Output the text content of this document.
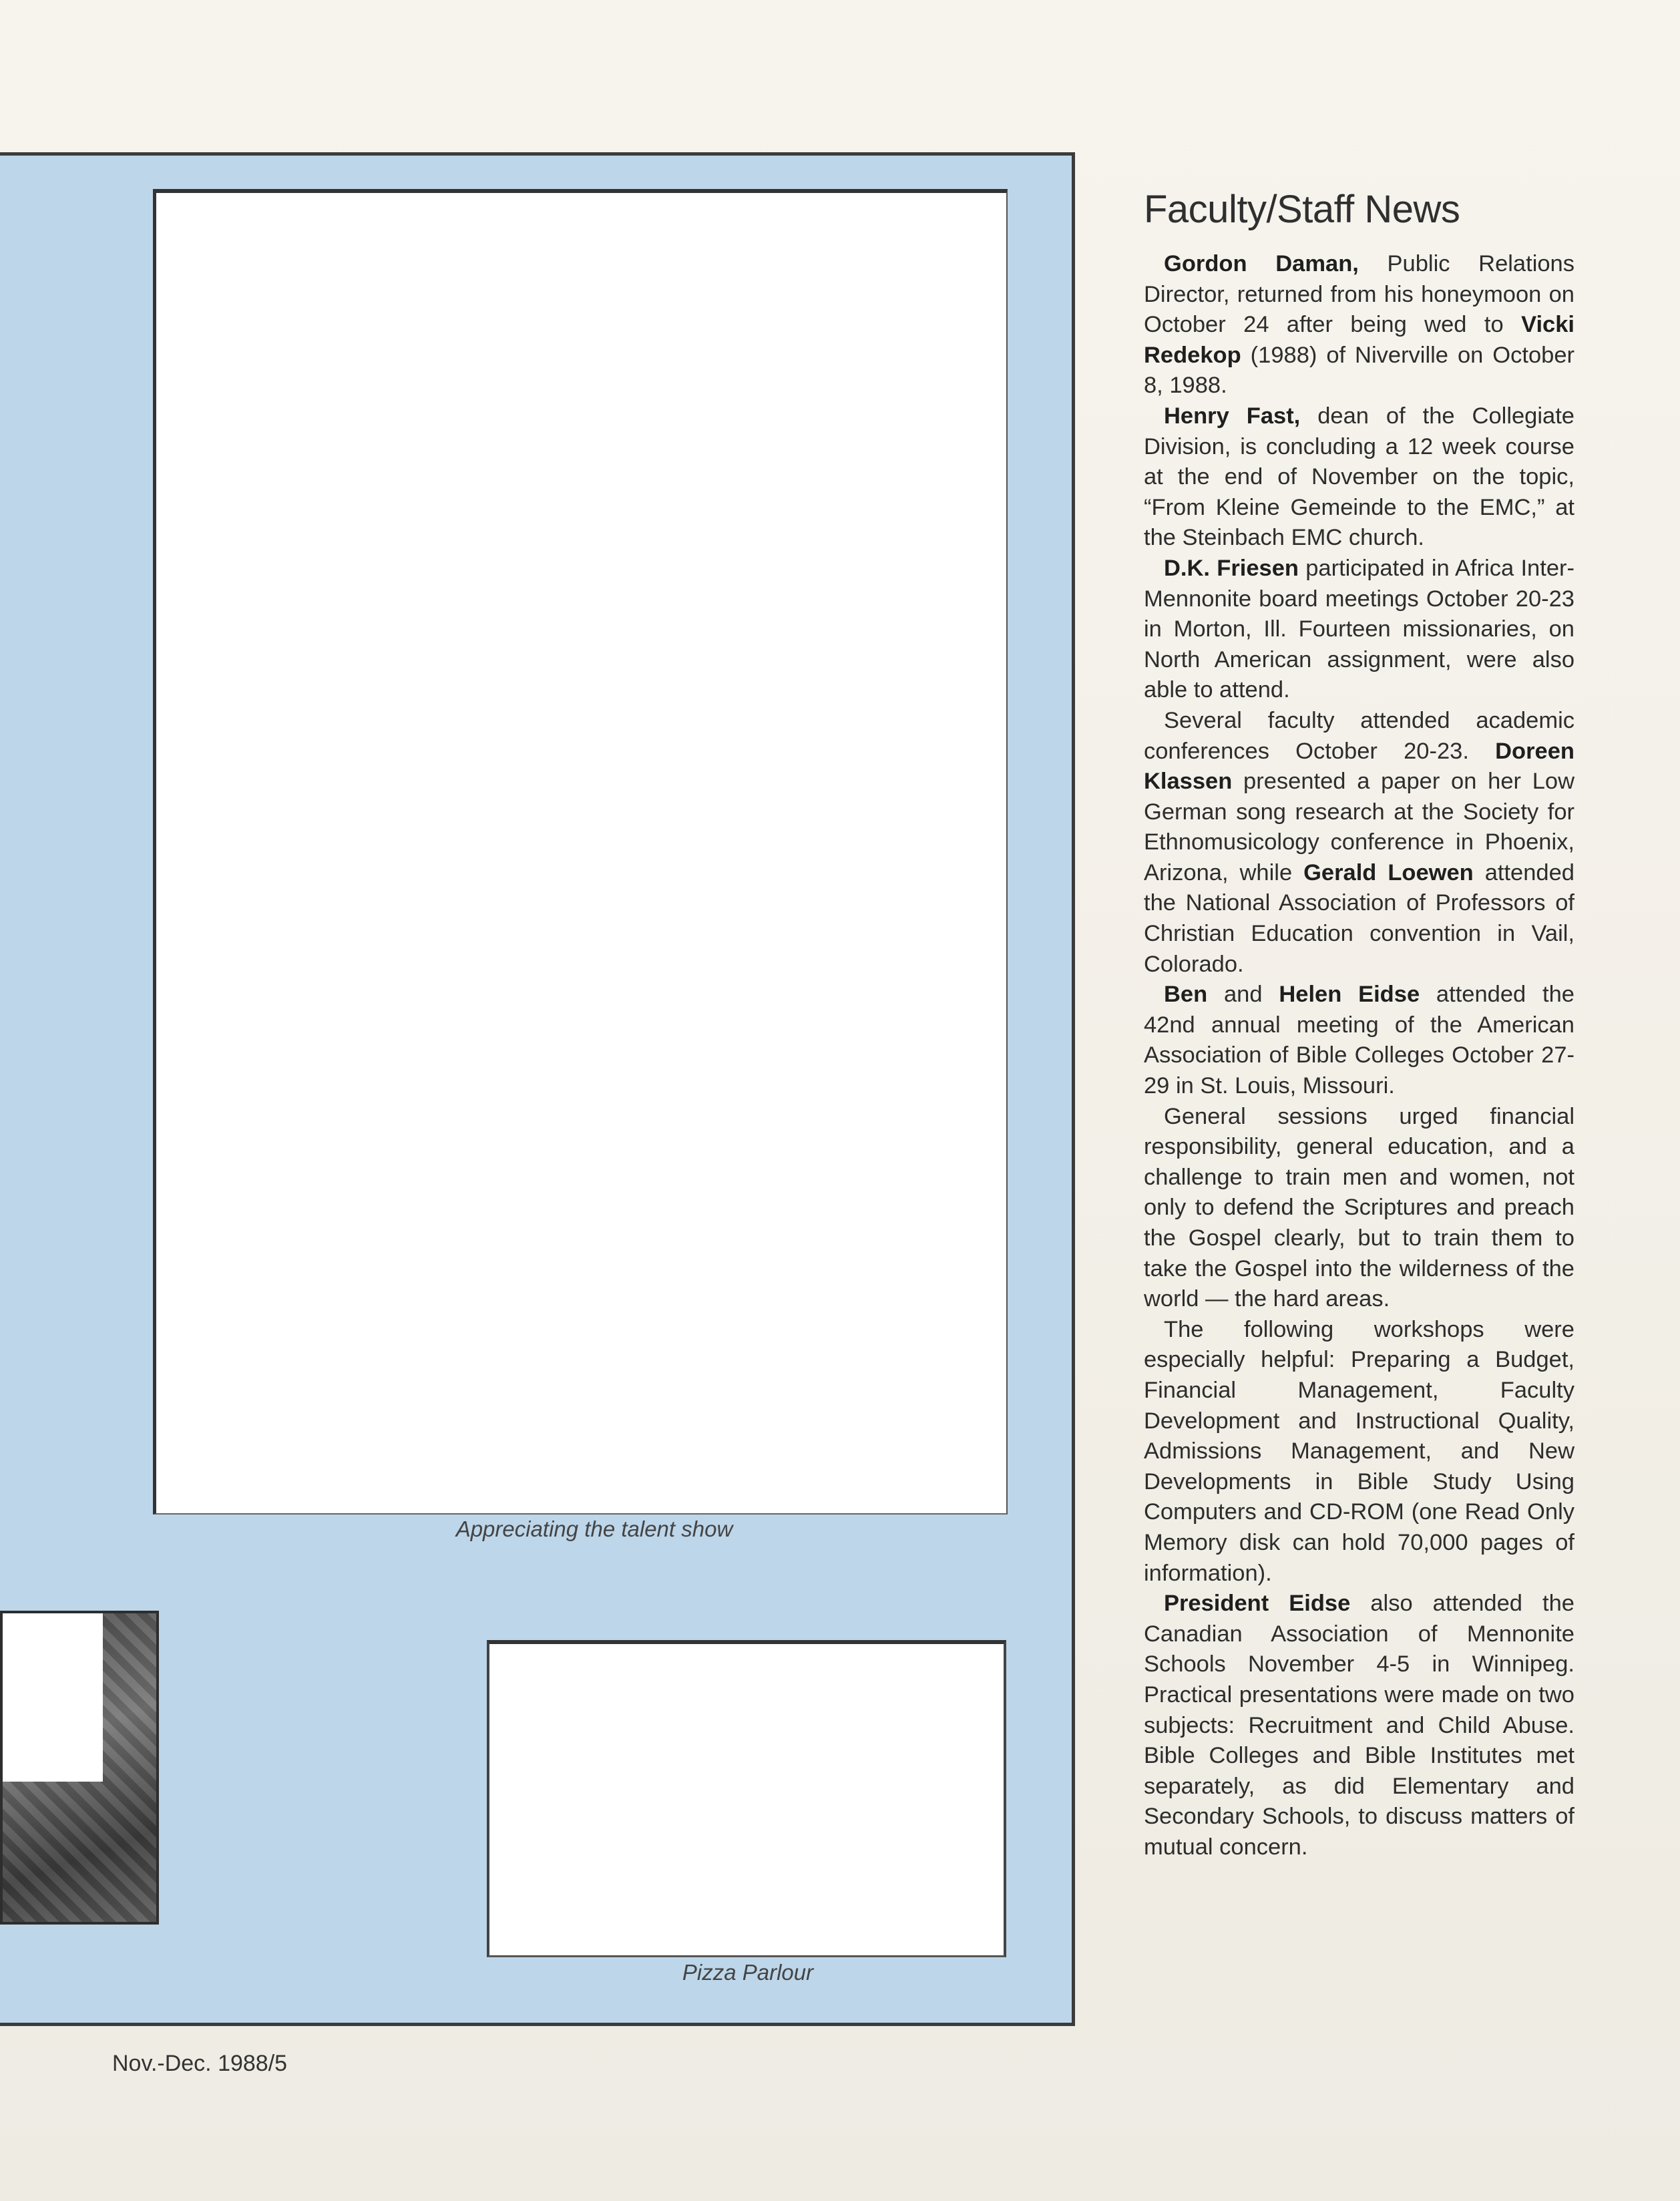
Appreciating the talent show
Pizza Parlour
Faculty/Staff News

Gordon Daman, Public Relations Director, returned from his honeymoon on October 24 after being wed to Vicki Redekop (1988) of Niverville on October 8, 1988.

Henry Fast, dean of the Collegiate Division, is concluding a 12 week course at the end of November on the topic, “From Kleine Gemeinde to the EMC,” at the Steinbach EMC church.

D.K. Friesen participated in Africa Inter-Mennonite board meetings October 20-23 in Morton, Ill. Fourteen missionaries, on North American assignment, were also able to attend.

Several faculty attended academic conferences October 20-23. Doreen Klassen presented a paper on her Low German song research at the Society for Ethnomusicology conference in Phoenix, Arizona, while Gerald Loewen attended the National Association of Professors of Christian Education convention in Vail, Colorado.

Ben and Helen Eidse attended the 42nd annual meeting of the American Association of Bible Colleges October 27-29 in St. Louis, Missouri.

General sessions urged financial responsibility, general education, and a challenge to train men and women, not only to defend the Scriptures and preach the Gospel clearly, but to train them to take the Gospel into the wilderness of the world — the hard areas.

The following workshops were especially helpful: Preparing a Budget, Financial Management, Faculty Development and Instructional Quality, Admissions Management, and New Developments in Bible Study Using Computers and CD-ROM (one Read Only Memory disk can hold 70,000 pages of information).

President Eidse also attended the Canadian Association of Mennonite Schools November 4-5 in Winnipeg. Practical presentations were made on two subjects: Recruitment and Child Abuse. Bible Colleges and Bible Institutes met separately, as did Elementary and Secondary Schools, to discuss matters of mutual concern.

Nov.-Dec. 1988/5
